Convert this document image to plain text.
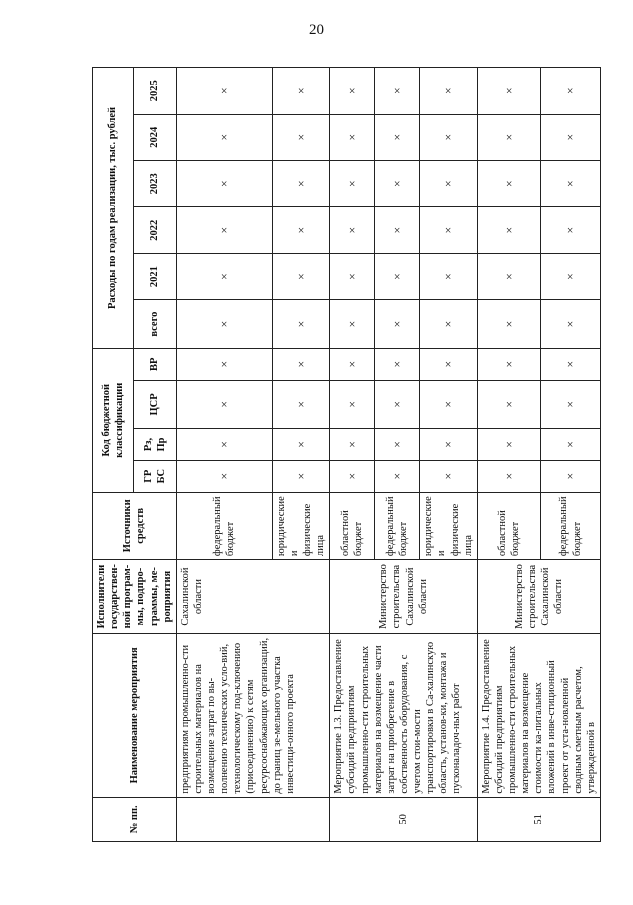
20
№ пп.	Наименование мероприятия	Исполнители государствен-ной програм-мы, подпро-граммы, ме-роприятия	Источники средств	Код бюджетной классификации				Расходы по годам реализации, тыс. рублей					
				ГР БС	Рз, Пр	ЦСР	ВР	всего	2021	2022	2023	2024	2025
	предприятиям промышленно-сти строительных материалов на возмещение затрат по вы-полнению технических усло-вий, технологическому под-ключению (присоединению) к сетям ресурсоснабжающих организаций, до границ зе-мельного участка инвестици-онного проекта	Сахалинской области	федеральный бюджет	×	×	×	×	×	×	×	×	×	×
			юридические и физические лица	×	×	×	×	×	×	×	×	×	×
50	Мероприятие 1.3. Предоставление субсидий предприятиям промышленно-сти строительных материалов на возмещение части затрат на приобретение в собственность оборудования, с учетом стои-мости транспортировки в Са-халинскую область, установ-ки, монтажа и пусконаладоч-ных работ	Министерство строительства Сахалинской области	областной бюджет	×	×	×	×	×	×	×	×	×	×
			федеральный бюджет	×	×	×	×	×	×	×	×	×	×
			юридические и физические лица	×	×	×	×	×	×	×	×	×	×
51	Мероприятие 1.4. Предоставление субсидий предприятиям промышленно-сти строительных материалов на возмещение стоимости ка-питальных вложений в инве-стиционный проект от уста-новленной сводным сметным расчетом, утвержденной в	Министерство строительства Сахалинской области	областной бюджет	×	×	×	×	×	×	×	×	×	×
			федеральный бюджет	×	×	×	×	×	×	×	×	×	×
